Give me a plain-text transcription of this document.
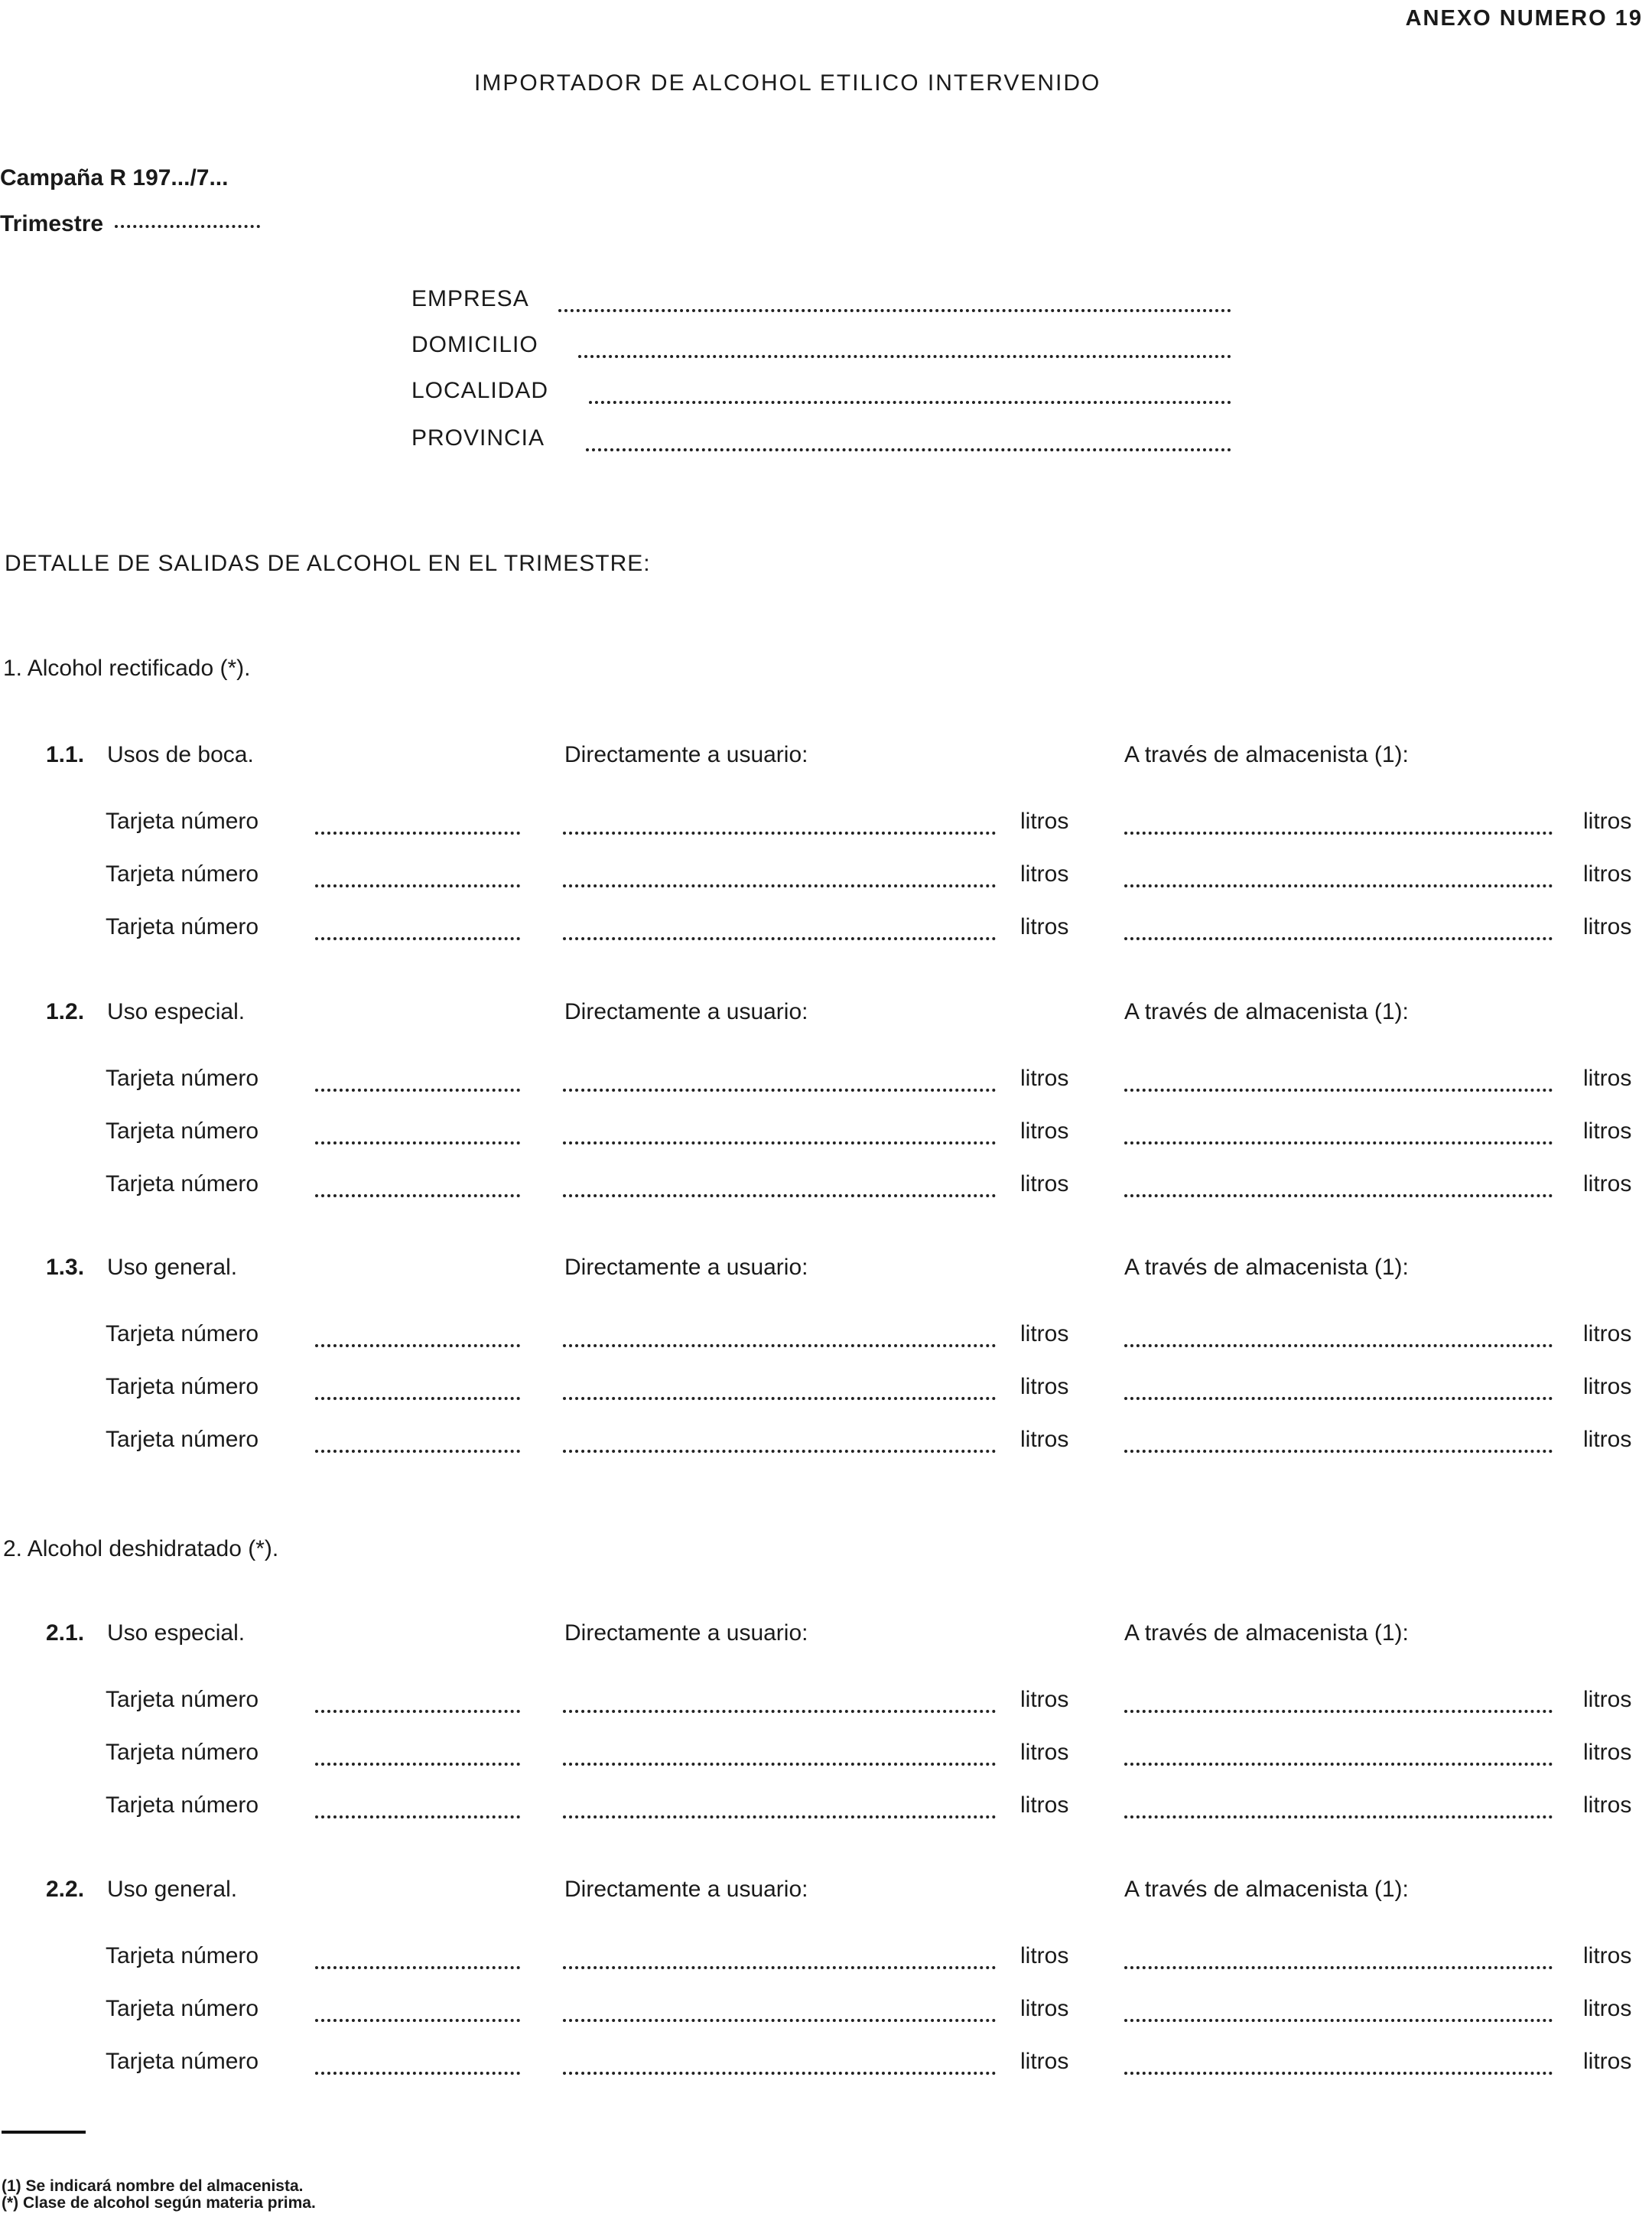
ANEXO NUMERO 19
IMPORTADOR DE ALCOHOL ETILICO INTERVENIDO
Campaña R 197.../7...
Trimestre
EMPRESA
DOMICILIO
LOCALIDAD
PROVINCIA
DETALLE DE SALIDAS DE ALCOHOL EN EL TRIMESTRE:
1. Alcohol rectificado (*).
1.1. Usos de boca.	Directamente a usuario:	A través de almacenista (1):
Tarjeta número	litros	litros
Tarjeta número	litros	litros
Tarjeta número	litros	litros
1.2. Uso especial.	Directamente a usuario:	A través de almacenista (1):
Tarjeta número	litros	litros
Tarjeta número	litros	litros
Tarjeta número	litros	litros
1.3. Uso general.	Directamente a usuario:	A través de almacenista (1):
Tarjeta número	litros	litros
Tarjeta número	litros	litros
Tarjeta número	litros	litros
2. Alcohol deshidratado (*).
2.1. Uso especial.	Directamente a usuario:	A través de almacenista (1):
Tarjeta número	litros	litros
Tarjeta número	litros	litros
Tarjeta número	litros	litros
2.2. Uso general.	Directamente a usuario:	A través de almacenista (1):
Tarjeta número	litros	litros
Tarjeta número	litros	litros
Tarjeta número	litros	litros
(1) Se indicará nombre del almacenista.
(*) Clase de alcohol según materia prima.
